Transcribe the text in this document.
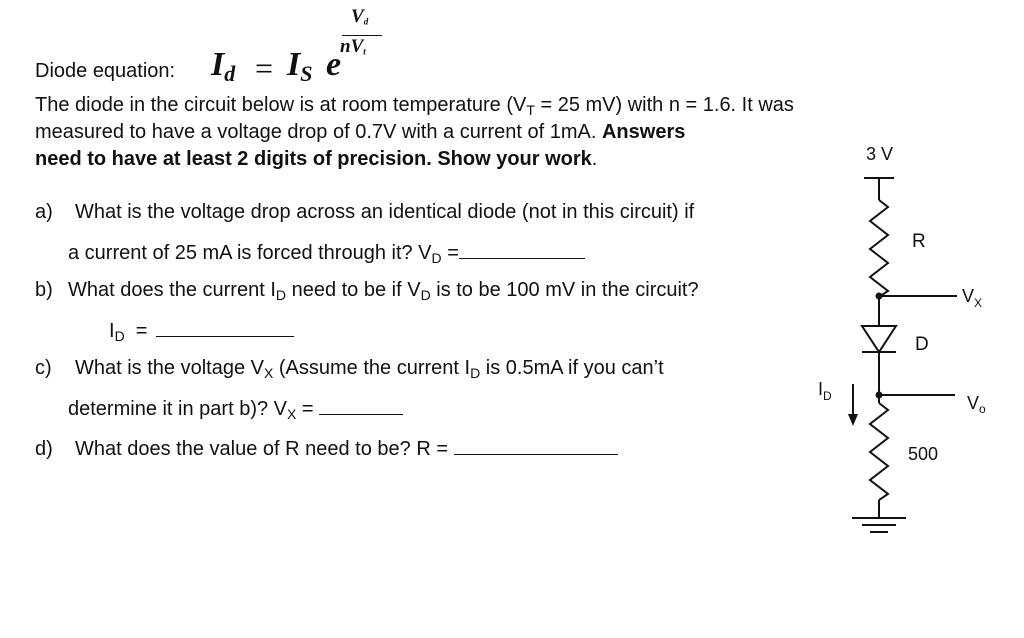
Diode equation: $I_d = I_S$ e
$V_d$
$nV_t$
The diode in the circuit below is at room temperature ($V_T = 25$ mV) with n = 1.6. It was
measured to have a voltage drop of 0.7V with a current of 1mA. Answers
need to have at least 2 digits of precision. Show your work.
a) What is the voltage drop across an identical diode (not in this circuit) if
a current of 25 mA is forced through it? $V_D$ =
b) What does the current $I_D$ need to be if $V_D$ is to be 100 mV in the circuit?
$I_D$  =
c) What is the voltage $V_X$ (Assume the current $I_D$ is 0.5mA if you can’t
determine it in part b)? $V_X$ =
d) What does the value of R need to be? R =
3 V
R
$V_X$
D
$I_D$	$V_o$
500
